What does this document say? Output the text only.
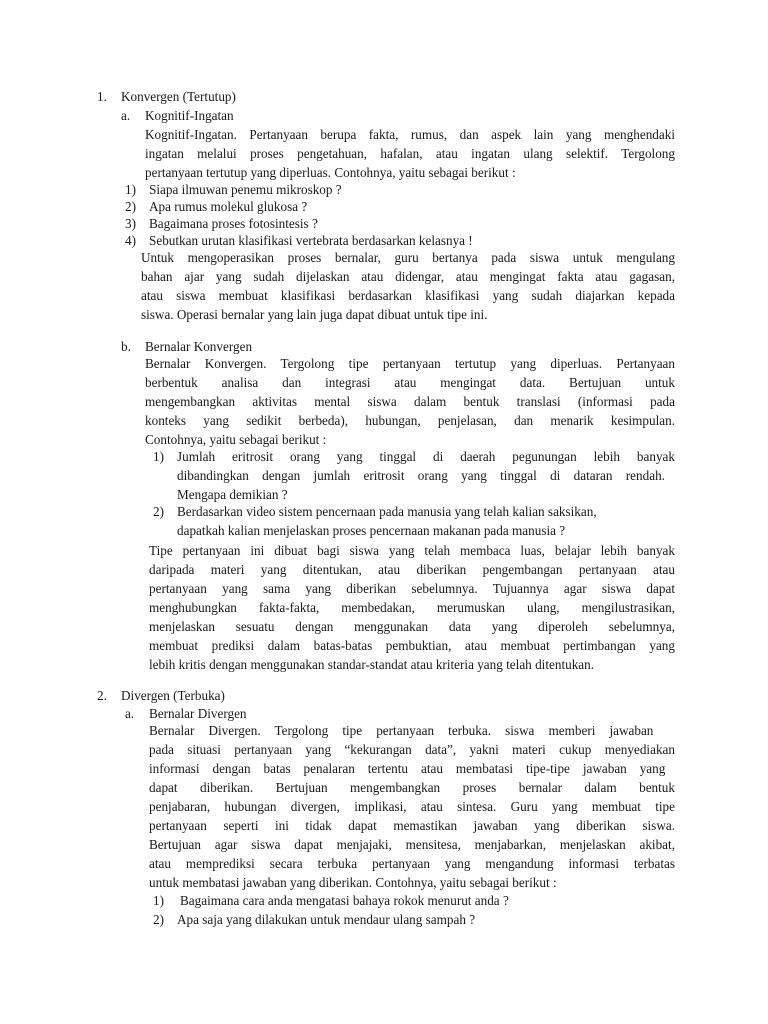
1. Konvergen (Tertutup)
a. Kognitif-Ingatan
Kognitif-Ingatan. Pertanyaan berupa fakta, rumus, dan aspek lain yang menghendaki
ingatan melalui proses pengetahuan, hafalan, atau ingatan ulang selektif. Tergolong
pertanyaan tertutup yang diperluas. Contohnya, yaitu sebagai berikut :
1) Siapa ilmuwan penemu mikroskop ?
2) Apa rumus molekul glukosa ?
3) Bagaimana proses fotosintesis ?
4) Sebutkan urutan klasifikasi vertebrata berdasarkan kelasnya !
Untuk mengoperasikan proses bernalar, guru bertanya pada siswa untuk mengulang
bahan ajar yang sudah dijelaskan atau didengar, atau mengingat fakta atau gagasan,
atau siswa membuat klasifikasi berdasarkan klasifikasi yang sudah diajarkan kepada
siswa. Operasi bernalar yang lain juga dapat dibuat untuk tipe ini.
b. Bernalar Konvergen
Bernalar Konvergen. Tergolong tipe pertanyaan tertutup yang diperluas. Pertanyaan
berbentuk analisa dan integrasi atau mengingat data. Bertujuan untuk
mengembangkan aktivitas mental siswa dalam bentuk translasi (informasi pada
konteks yang sedikit berbeda), hubungan, penjelasan, dan menarik kesimpulan.
Contohnya, yaitu sebagai berikut :
1) Jumlah eritrosit orang yang tinggal di daerah pegunungan lebih banyak
dibandingkan dengan jumlah eritrosit orang yang tinggal di dataran rendah.
Mengapa demikian ?
2) Berdasarkan video sistem pencernaan pada manusia yang telah kalian saksikan,
dapatkah kalian menjelaskan proses pencernaan makanan pada manusia ?
Tipe pertanyaan ini dibuat bagi siswa yang telah membaca luas, belajar lebih banyak
daripada materi yang ditentukan, atau diberikan pengembangan pertanyaan atau
pertanyaan yang sama yang diberikan sebelumnya. Tujuannya agar siswa dapat
menghubungkan fakta-fakta, membedakan, merumuskan ulang, mengilustrasikan,
menjelaskan sesuatu dengan menggunakan data yang diperoleh sebelumnya,
membuat prediksi dalam batas-batas pembuktian, atau membuat pertimbangan yang
lebih kritis dengan menggunakan standar-standat atau kriteria yang telah ditentukan.
2. Divergen (Terbuka)
a. Bernalar Divergen
Bernalar Divergen. Tergolong tipe pertanyaan terbuka. siswa memberi jawaban
pada situasi pertanyaan yang “kekurangan data”, yakni materi cukup menyediakan
informasi dengan batas penalaran tertentu atau membatasi tipe-tipe jawaban yang
dapat diberikan. Bertujuan mengembangkan proses bernalar dalam bentuk
penjabaran, hubungan divergen, implikasi, atau sintesa. Guru yang membuat tipe
pertanyaan seperti ini tidak dapat memastikan jawaban yang diberikan siswa.
Bertujuan agar siswa dapat menjajaki, mensitesa, menjabarkan, menjelaskan akibat,
atau memprediksi secara terbuka pertanyaan yang mengandung informasi terbatas
untuk membatasi jawaban yang diberikan. Contohnya, yaitu sebagai berikut :
1) Bagaimana cara anda mengatasi bahaya rokok menurut anda ?
2) Apa saja yang dilakukan untuk mendaur ulang sampah ?
